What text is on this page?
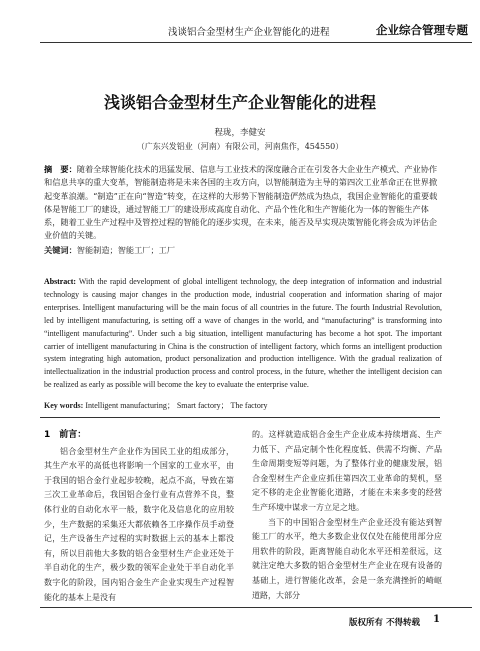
浅谈铝合金型材生产企业智能化的进程	企业综合管理专题
浅谈铝合金型材生产企业智能化的进程
程珑，李健安
（广东兴发铝业（河南）有限公司，河南焦作，454550）
摘　要：随着全球智能化技术的迅猛发展、信息与工业技术的深度融合正在引发各大企业生产模式、产业协作和信息共享的重大变革，智能制造将是未来各国的主攻方向，以智能制造为主导的第四次工业革命正在世界掀起变革浪潮。“制造”正在向“智造”转变，在这样的大形势下智能制造俨然成为热点，我国企业智能化的重要载体是智能工厂的建设，通过智能工厂的建设形成高度自动化、产品个性化和生产智能化为一体的智能生产体系，随着工业生产过程中及管控过程的智能化的逐步实现，在未来，能否及早实现决策智能化将会成为评估企业价值的关键。
关键词：智能制造；智能工厂；工厂
Abstract: With the rapid development of global intelligent technology, the deep integration of information and industrial technology is causing major changes in the production mode, industrial cooperation and information sharing of major enterprises. Intelligent manufacturing will be the main focus of all countries in the future. The fourth Industrial Revolution, led by intelligent manufacturing, is setting off a wave of changes in the world, and “manufacturing” is transforming into “intelligent manufacturing”. Under such a big situation, intelligent manufacturing has become a hot spot. The important carrier of intelligent manufacturing in China is the construction of intelligent factory, which forms an intelligent production system integrating high automation, product personalization and production intelligence. With the gradual realization of intellectualization in the industrial production process and control process, in the future, whether the intelligent decision can be realized as early as possible will become the key to evaluate the enterprise value.
Key words: Intelligent manufacturing； Smart factory； The factory
1　前言：

铝合金型材生产企业作为国民工业的组成部分，其生产水平的高低也将影响一个国家的工业水平，由于我国的铝合金行业起步较晚，起点不高，导致在第三次工业革命后，我国铝合金行业有点营养不良，整体行业的自动化水平一般，数字化及信息化的应用较少，生产数据的采集还大都依赖各工序操作员手动登记，生产设备生产过程的实时数据上云的基本上都没有，所以目前他大多数的铝合金型材生产企业还处于半自动化的生产，极少数的领军企业处于半自动化半数字化的阶段，国内铝合金生产企业实现生产过程智能化的基本上是没有

的。这样就造成铝合金生产企业成本持续增高、生产力低下、产品定制个性化程度低、供需不均衡、产品生命周期变短等问题，为了整体行业的健康发展，铝合金型材生产企业应抓住第四次工业革命的契机，坚定不移的走企业智能化道路，才能在未来多变的经营生产环境中谋求一方立足之地。

当下的中国铝合金型材生产企业还没有能达到智能工厂的水平，绝大多数企业仅仅处在能使用部分应用软件的阶段，距离智能自动化水平还相差很远，这就注定绝大多数的铝合金型材生产企业在现有设备的基础上，进行智能化改革，会是一条充满挫折的崎岖道路，大部分

版权所有 不得转载 1
